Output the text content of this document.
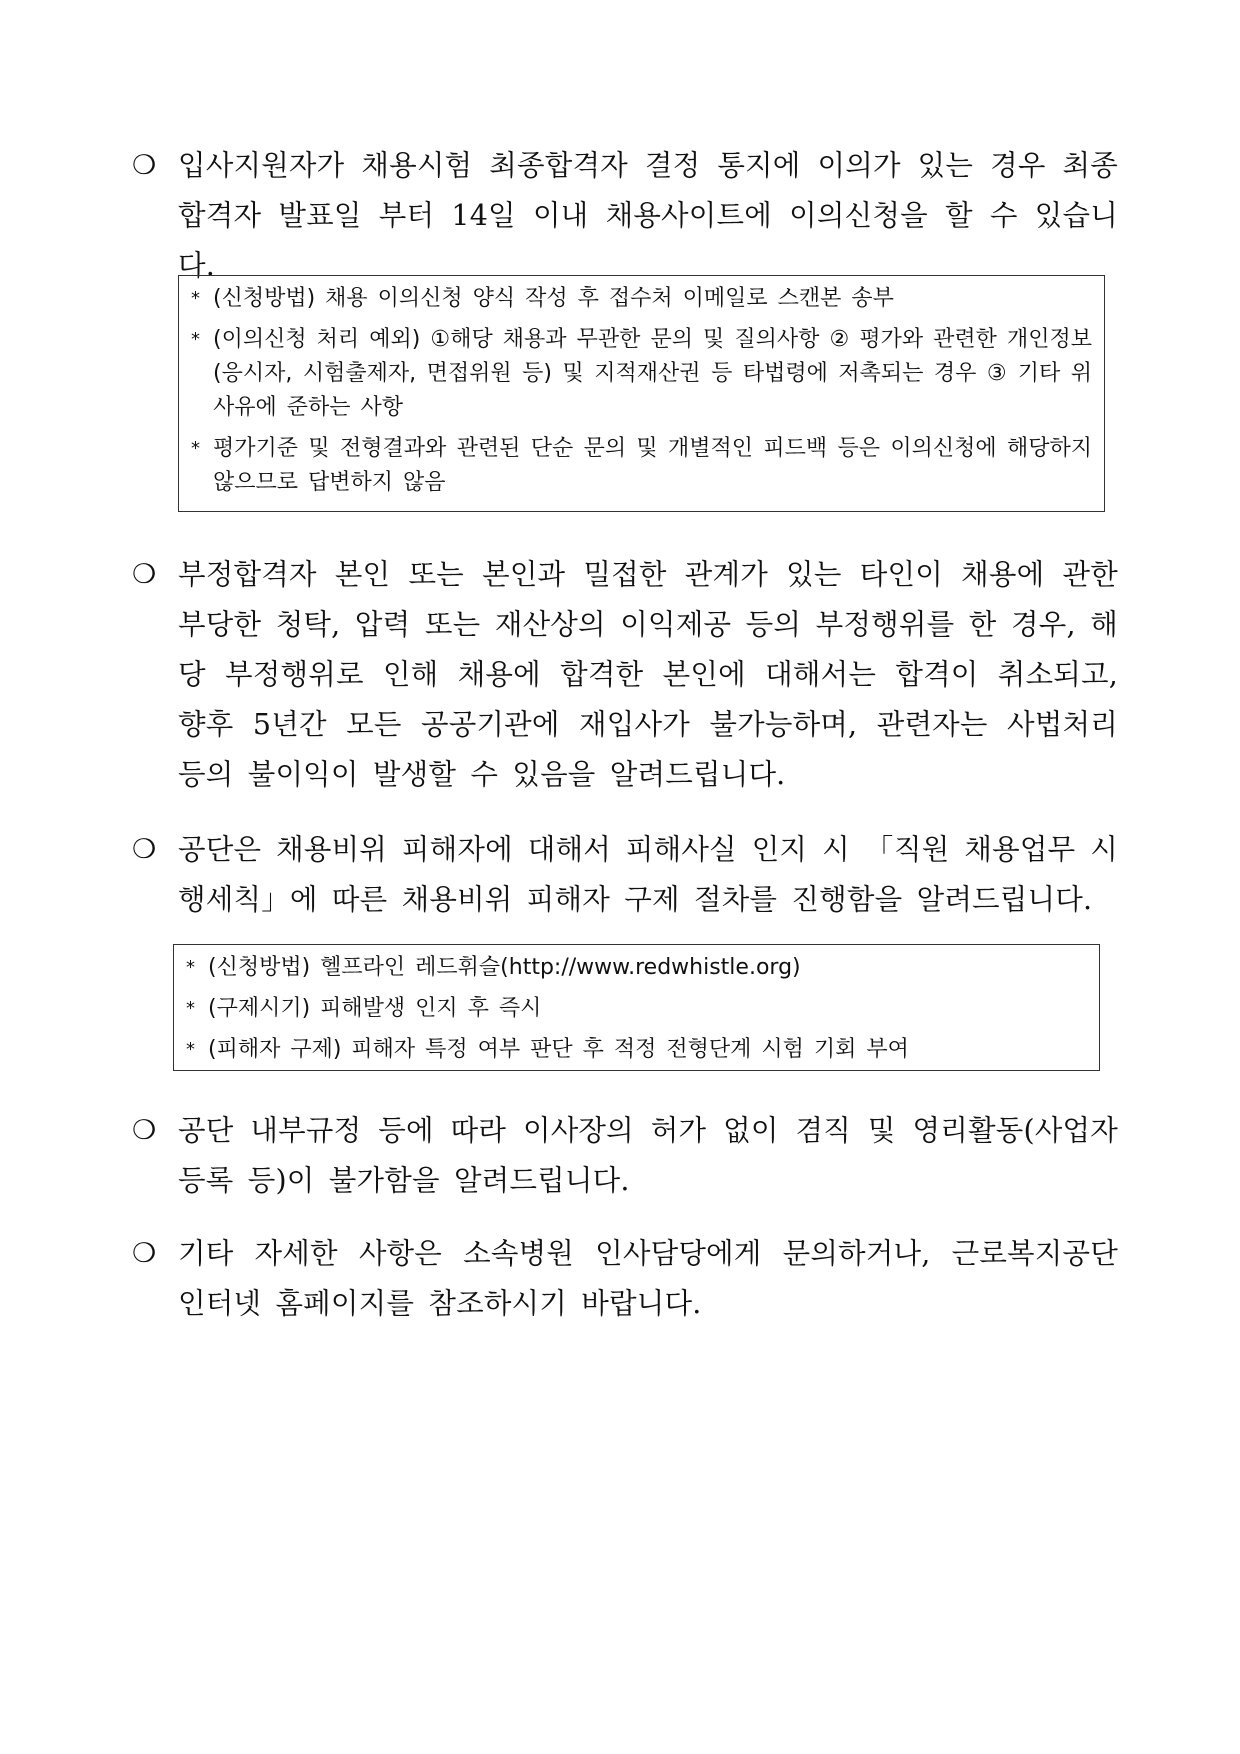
❍ 입사지원자가 채용시험 최종합격자 결정 통지에 이의가 있는 경우 최종합격자 발표일 부터 14일 이내 채용사이트에 이의신청을 할 수 있습니다.
* (신청방법) 채용 이의신청 양식 작성 후 접수처 이메일로 스캔본 송부
* (이의신청 처리 예외) ①해당 채용과 무관한 문의 및 질의사항 ② 평가와 관련한 개인정보(응시자, 시험출제자, 면접위원 등) 및 지적재산권 등 타법령에 저촉되는 경우 ③ 기타 위 사유에 준하는 사항
* 평가기준 및 전형결과와 관련된 단순 문의 및 개별적인 피드백 등은 이의신청에 해당하지 않으므로 답변하지 않음
❍ 부정합격자 본인 또는 본인과 밀접한 관계가 있는 타인이 채용에 관한 부당한 청탁, 압력 또는 재산상의 이익제공 등의 부정행위를 한 경우, 해당 부정행위로 인해 채용에 합격한 본인에 대해서는 합격이 취소되고, 향후 5년간 모든 공공기관에 재입사가 불가능하며, 관련자는 사법처리 등의 불이익이 발생할 수 있음을 알려드립니다.
❍ 공단은 채용비위 피해자에 대해서 피해사실 인지 시 「직원 채용업무 시행세칙」에 따른 채용비위 피해자 구제 절차를 진행함을 알려드립니다.
* (신청방법) 헬프라인 레드휘슬(http://www.redwhistle.org)
* (구제시기) 피해발생 인지 후 즉시
* (피해자 구제) 피해자 특정 여부 판단 후 적정 전형단계 시험 기회 부여
❍ 공단 내부규정 등에 따라 이사장의 허가 없이 겸직 및 영리활동(사업자 등록 등)이 불가함을 알려드립니다.
❍ 기타 자세한 사항은 소속병원 인사담당에게 문의하거나, 근로복지공단 인터넷 홈페이지를 참조하시기 바랍니다.
